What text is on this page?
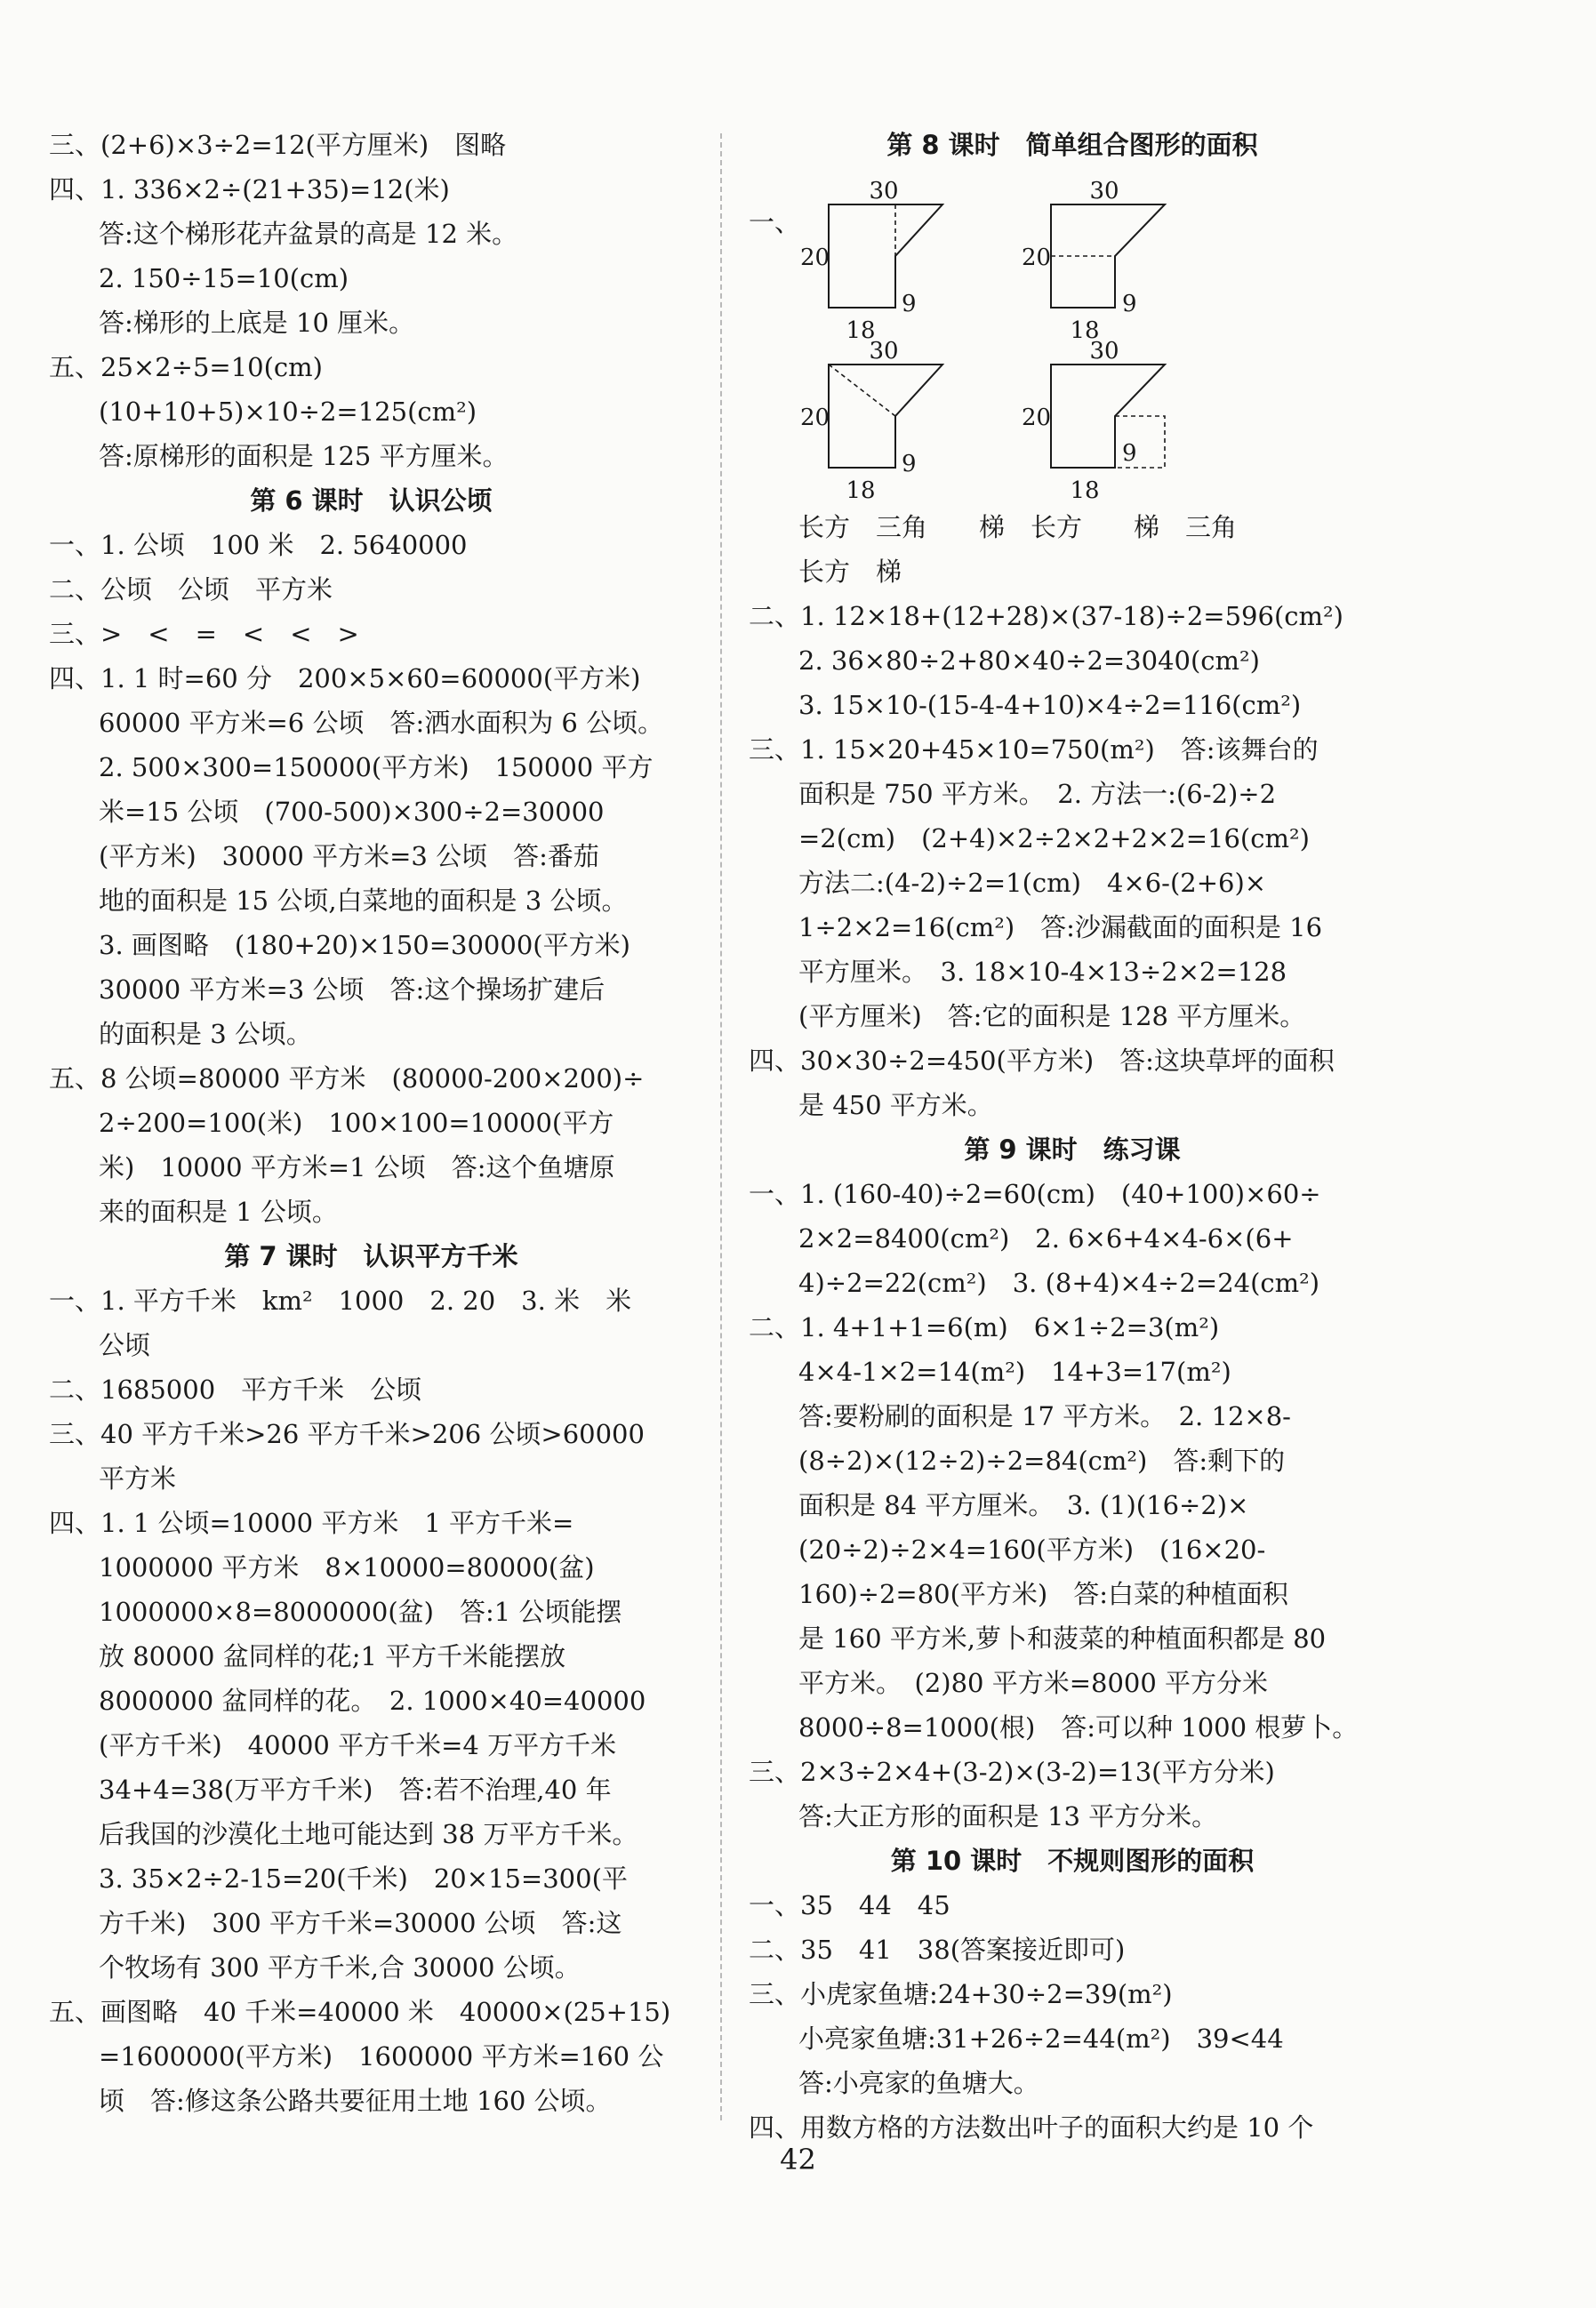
三、(2+6)×3÷2=12(平方厘米)　图略
四、1. 336×2÷(21+35)=12(米)
答:这个梯形花卉盆景的高是 12 米。
2. 150÷15=10(cm)
答:梯形的上底是 10 厘米。
五、25×2÷5=10(cm)
(10+10+5)×10÷2=125(cm²)
答:原梯形的面积是 125 平方厘米。
第 6 课时　认识公顷
一、1. 公顷　100 米　2. 5640000
二、公顷　公顷　平方米
三、>　<　=　<　<　>
四、1. 1 时=60 分　200×5×60=60000(平方米)
60000 平方米=6 公顷　答:洒水面积为 6 公顷。
2. 500×300=150000(平方米)　150000 平方
米=15 公顷　(700-500)×300÷2=30000
(平方米)　30000 平方米=3 公顷　答:番茄
地的面积是 15 公顷,白菜地的面积是 3 公顷。
3. 画图略　(180+20)×150=30000(平方米)
30000 平方米=3 公顷　答:这个操场扩建后
的面积是 3 公顷。
五、8 公顷=80000 平方米　(80000-200×200)÷
2÷200=100(米)　100×100=10000(平方
米)　10000 平方米=1 公顷　答:这个鱼塘原
来的面积是 1 公顷。
第 7 课时　认识平方千米
一、1. 平方千米　km²　1000　2. 20　3. 米　米
公顷
二、1685000　平方千米　公顷
三、40 平方千米>26 平方千米>206 公顷>60000
平方米
四、1. 1 公顷=10000 平方米　1 平方千米=
1000000 平方米　8×10000=80000(盆)
1000000×8=8000000(盆)　答:1 公顷能摆
放 80000 盆同样的花;1 平方千米能摆放
8000000 盆同样的花。　2. 1000×40=40000
(平方千米)　40000 平方千米=4 万平方千米
34+4=38(万平方千米)　答:若不治理,40 年
后我国的沙漠化土地可能达到 38 万平方千米。
3. 35×2÷2-15=20(千米)　20×15=300(平
方千米)　300 平方千米=30000 公顷　答:这
个牧场有 300 平方千米,合 30000 公顷。
五、画图略　40 千米=40000 米　40000×(25+15)
=1600000(平方米)　1600000 平方米=160 公
顷　答:修这条公路共要征用土地 160 公顷。
第 8 课时　简单组合图形的面积
一、
30
20
18
9
30
20
18
9
30
20
18
9
30
20
18
9
长方　三角　　梯　长方　　梯　三角
长方　梯
二、1. 12×18+(12+28)×(37-18)÷2=596(cm²)
2. 36×80÷2+80×40÷2=3040(cm²)
3. 15×10-(15-4-4+10)×4÷2=116(cm²)
三、1. 15×20+45×10=750(m²)　答:该舞台的
面积是 750 平方米。　2. 方法一:(6-2)÷2
=2(cm)　(2+4)×2÷2×2+2×2=16(cm²)
方法二:(4-2)÷2=1(cm)　4×6-(2+6)×
1÷2×2=16(cm²)　答:沙漏截面的面积是 16
平方厘米。　3. 18×10-4×13÷2×2=128
(平方厘米)　答:它的面积是 128 平方厘米。
四、30×30÷2=450(平方米)　答:这块草坪的面积
是 450 平方米。
第 9 课时　练习课
一、1. (160-40)÷2=60(cm)　(40+100)×60÷
2×2=8400(cm²)　2. 6×6+4×4-6×(6+
4)÷2=22(cm²)　3. (8+4)×4÷2=24(cm²)
二、1. 4+1+1=6(m)　6×1÷2=3(m²)
4×4-1×2=14(m²)　14+3=17(m²)
答:要粉刷的面积是 17 平方米。　2. 12×8-
(8÷2)×(12÷2)÷2=84(cm²)　答:剩下的
面积是 84 平方厘米。　3. (1)(16÷2)×
(20÷2)÷2×4=160(平方米)　(16×20-
160)÷2=80(平方米)　答:白菜的种植面积
是 160 平方米,萝卜和菠菜的种植面积都是 80
平方米。　(2)80 平方米=8000 平方分米
8000÷8=1000(根)　答:可以种 1000 根萝卜。
三、2×3÷2×4+(3-2)×(3-2)=13(平方分米)
答:大正方形的面积是 13 平方分米。
第 10 课时　不规则图形的面积
一、35　44　45
二、35　41　38(答案接近即可)
三、小虎家鱼塘:24+30÷2=39(m²)
小亮家鱼塘:31+26÷2=44(m²)　39<44
答:小亮家的鱼塘大。
四、用数方格的方法数出叶子的面积大约是 10 个
42
